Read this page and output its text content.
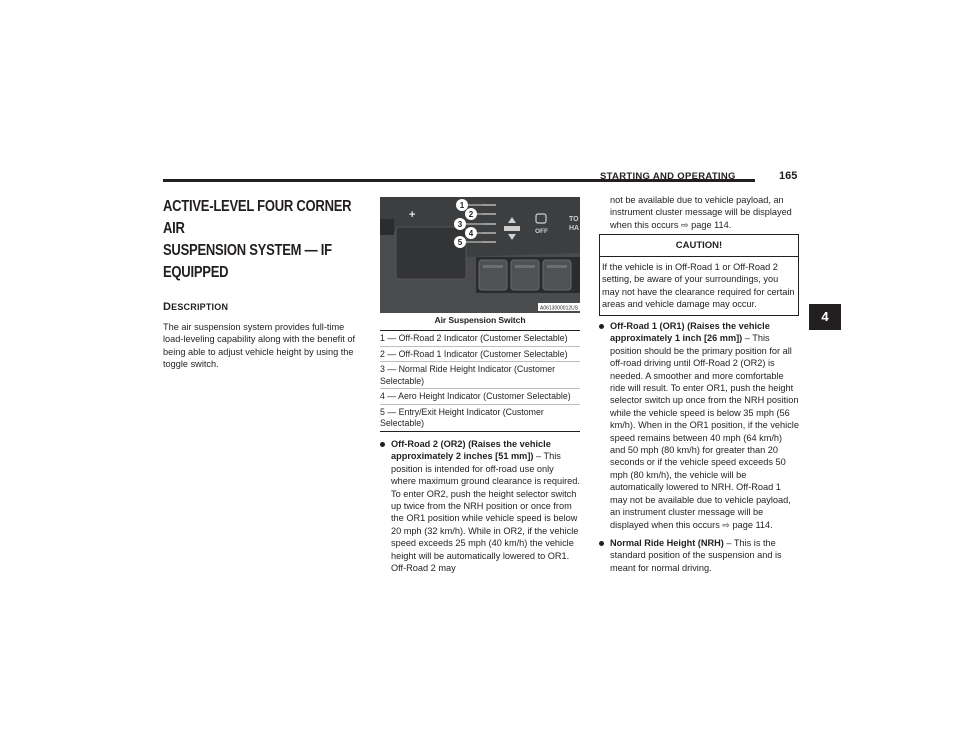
STARTING AND OPERATING	165
ACTIVE-LEVEL FOUR CORNER AIR
SUSPENSION SYSTEM — IF EQUIPPED
DESCRIPTION
The air suspension system provides full-time load-leveling capability along with the benefit of being able to adjust vehicle height by using the toggle switch.
+
OFF
TO
HA
1
2
3
4
5
A0613000012US
Air Suspension Switch
1 — Off-Road 2 Indicator (Customer Selectable)
2 — Off-Road 1 Indicator (Customer Selectable)
3 — Normal Ride Height Indicator (Customer Selectable)
4 — Aero Height Indicator (Customer Selectable)
5 — Entry/Exit Height Indicator (Customer Selectable)
Off-Road 2 (OR2) (Raises the vehicle approximately 2 inches [51 mm]) – This position is intended for off-road use only where maximum ground clearance is required. To enter OR2, push the height selector switch up twice from the NRH position or once from the OR1 position while vehicle speed is below 20 mph (32 km/h). While in OR2, if the vehicle speed exceeds 25 mph (40 km/h) the vehicle height will be automatically lowered to OR1. Off-Road 2 may
not be available due to vehicle payload, an instrument cluster message will be displayed when this occurs ⇨ page 114.
CAUTION!
If the vehicle is in Off-Road 1 or Off-Road 2 setting, be aware of your surroundings, you may not have the clearance required for certain areas and vehicle damage may occur.
Off-Road 1 (OR1) (Raises the vehicle approximately 1 inch [26 mm]) – This position should be the primary position for all off-road driving until Off-Road 2 (OR2) is needed. A smoother and more comfortable ride will result. To enter OR1, push the height selector switch up once from the NRH position while the vehicle speed is below 35 mph (56 km/h). When in the OR1 position, if the vehicle speed remains between 40 mph (64 km/h) and 50 mph (80 km/h) for greater than 20 seconds or if the vehicle speed exceeds 50 mph (80 km/h), the vehicle will be automatically lowered to NRH. Off-Road 1 may not be available due to vehicle payload, an instrument cluster message will be displayed when this occurs ⇨ page 114.
Normal Ride Height (NRH) – This is the standard position of the suspension and is meant for normal driving.
4
